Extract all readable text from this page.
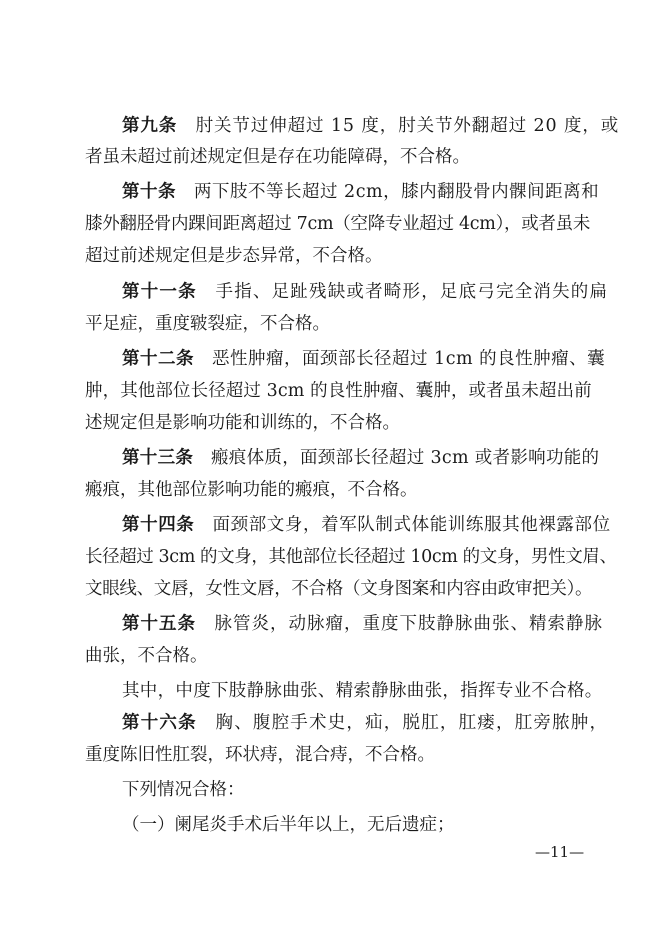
第九条　肘关节过伸超过 15 度，肘关节外翻超过 20 度，或
者虽未超过前述规定但是存在功能障碍，不合格。
第十条　两下肢不等长超过 2cm，膝内翻股骨内髁间距离和
膝外翻胫骨内踝间距离超过 7cm（空降专业超过 4cm），或者虽未
超过前述规定但是步态异常，不合格。
第十一条　手指、足趾残缺或者畸形，足底弓完全消失的扁
平足症，重度皲裂症，不合格。
第十二条　恶性肿瘤，面颈部长径超过 1cm 的良性肿瘤、囊
肿，其他部位长径超过 3cm 的良性肿瘤、囊肿，或者虽未超出前
述规定但是影响功能和训练的，不合格。
第十三条　瘢痕体质，面颈部长径超过 3cm 或者影响功能的
瘢痕，其他部位影响功能的瘢痕，不合格。
第十四条　面颈部文身，着军队制式体能训练服其他裸露部位
长径超过 3cm 的文身，其他部位长径超过 10cm 的文身，男性文眉、
文眼线、文唇，女性文唇，不合格（文身图案和内容由政审把关）。
第十五条　脉管炎，动脉瘤，重度下肢静脉曲张、精索静脉
曲张，不合格。
其中，中度下肢静脉曲张、精索静脉曲张，指挥专业不合格。
第十六条　胸、腹腔手术史，疝，脱肛，肛瘘，肛旁脓肿，
重度陈旧性肛裂，环状痔，混合痔，不合格。
下列情况合格：
（一）阑尾炎手术后半年以上，无后遗症；
—11—
